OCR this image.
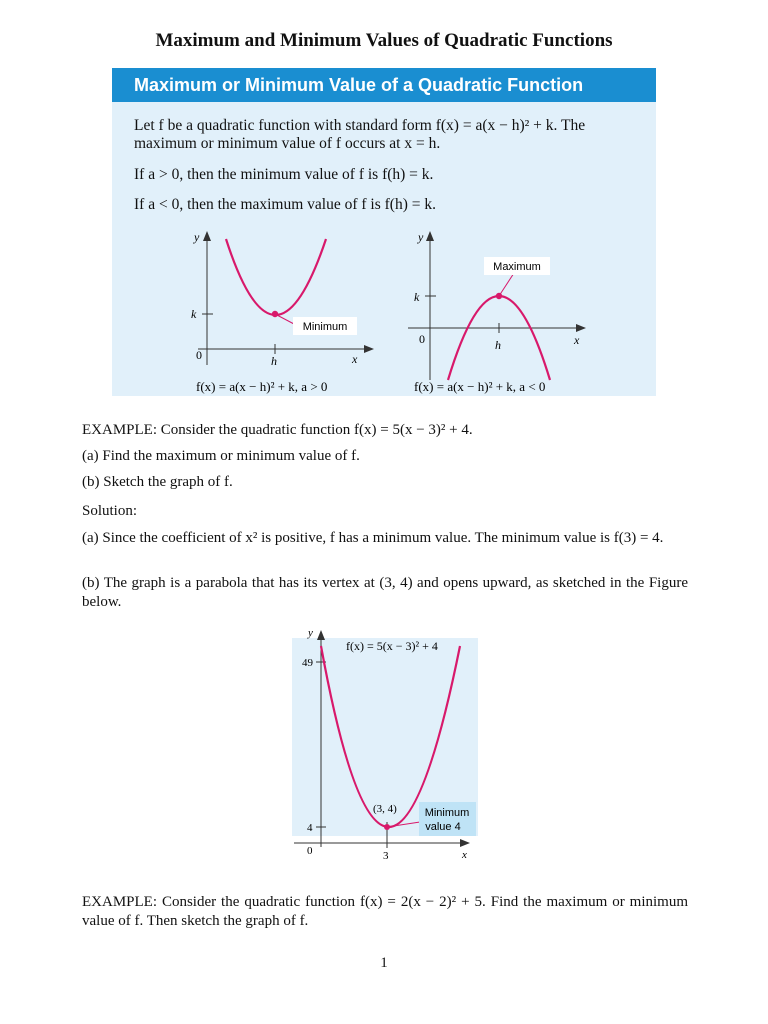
Maximum and Minimum Values of Quadratic Functions
Maximum or Minimum Value of a Quadratic Function
Let f be a quadratic function with standard form f(x) = a(x − h)² + k. The maximum or minimum value of f occurs at x = h.
If a > 0, then the minimum value of f is f(h) = k.
If a < 0, then the maximum value of f is f(h) = k.
Minimum
y
x
0
k
h
f(x) = a(x − h)² + k, a > 0
Maximum
y
x
0
k
h
f(x) = a(x − h)² + k, a < 0
EXAMPLE: Consider the quadratic function f(x) = 5(x − 3)² + 4.
(a) Find the maximum or minimum value of f.
(b) Sketch the graph of f.
Solution:
(a) Since the coefficient of x² is positive, f has a minimum value. The minimum value is f(3) = 4.
(b) The graph is a parabola that has its vertex at (3, 4) and opens upward, as sketched in the Figure below.
Minimum
value 4
f(x) = 5(x − 3)² + 4
(3, 4)
y
x
0
49
4
3
EXAMPLE: Consider the quadratic function f(x) = 2(x − 2)² + 5. Find the maximum or minimum value of f. Then sketch the graph of f.
1
